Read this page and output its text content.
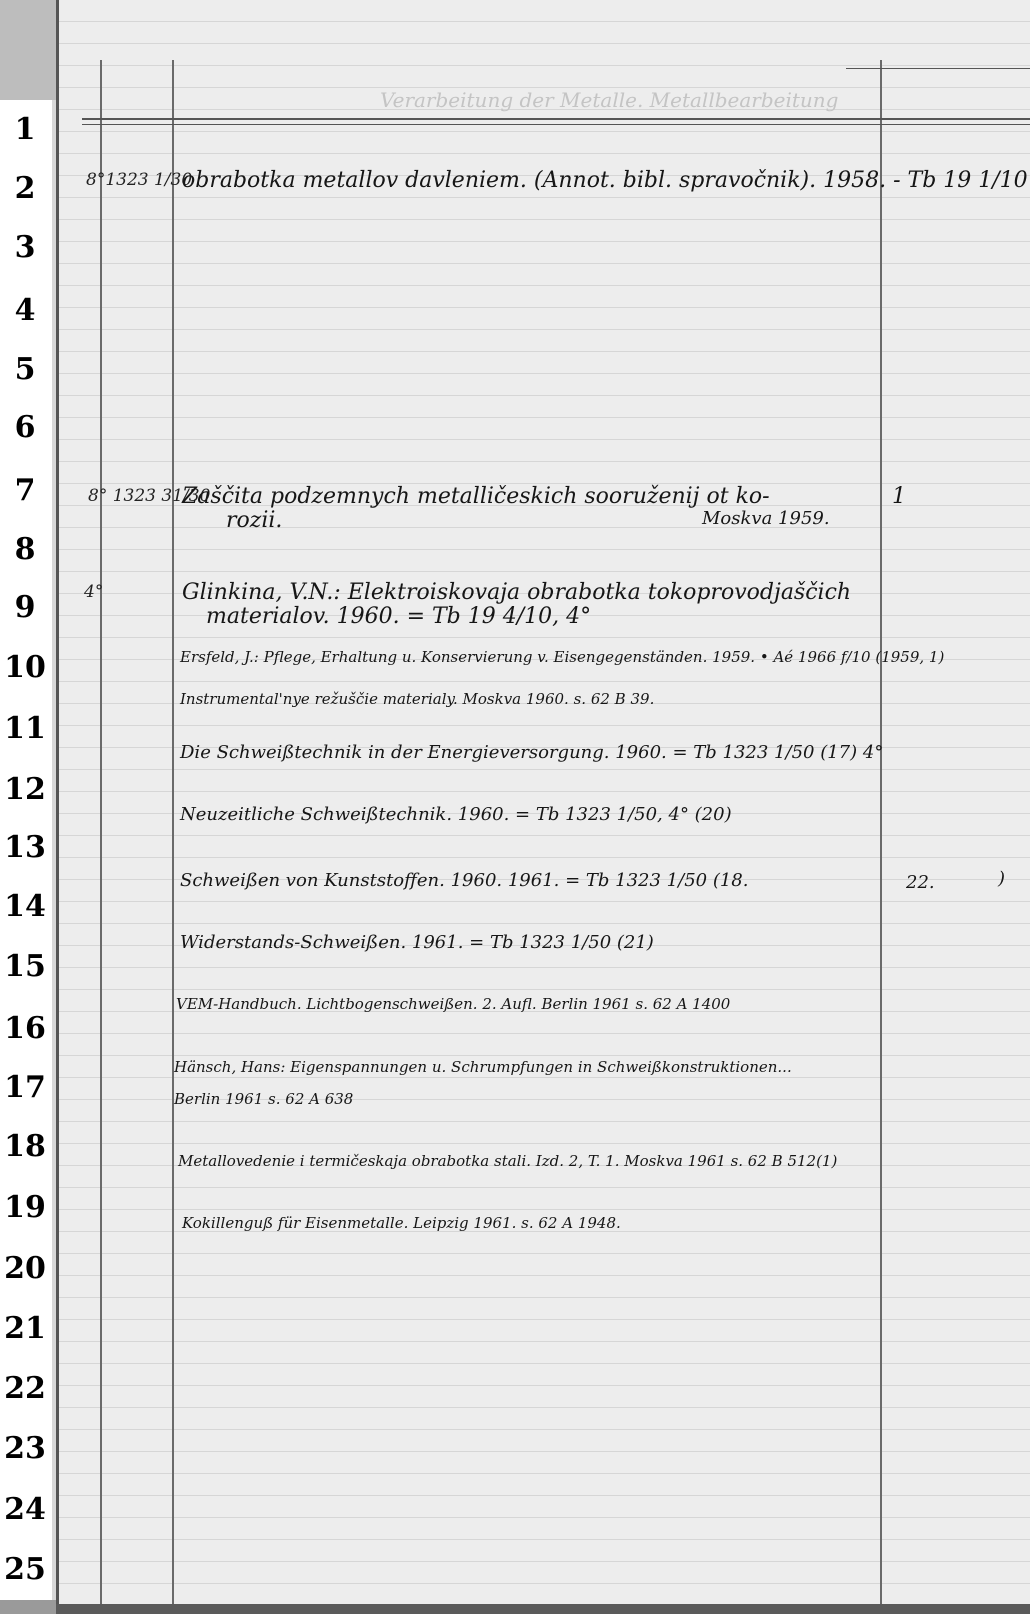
1
2
3
4
5
6
7
8
9
10
11
12
13
14
15
16
17
18
19
20
21
22
23
24
25
Verarbeitung der Metalle. Metallbearbeitung
8°1323 1/30
obrabotka metallov davleniem. (Annot. bibl. spravočnik). 1958. - Tb 19 1/10
8° 1323 31/30
Zaščita podzemnych metalličeskich sooruženij ot ko-
rozii.	Moskva 1959.
1
4°	Glinkina, V.N.: Elektroiskovaja obrabotka tokoprovodjaščich
materialov. 1960. = Tb 19 4/10, 4°
Ersfeld, J.: Pflege, Erhaltung u. Konservierung v. Eisengegenständen. 1959. • Aé 1966 f/10 (1959, 1)
Instrumental'nye režuščie materialy. Moskva 1960. s. 62 B 39.
Die Schweißtechnik in der Energieversorgung. 1960. = Tb 1323 1/50 (17) 4°
Neuzeitliche Schweißtechnik. 1960. = Tb 1323 1/50, 4° (20)
Schweißen von Kunststoffen. 1960. 1961. = Tb 1323 1/50 (18.	22.	)
Widerstands-Schweißen. 1961. = Tb 1323 1/50 (21)
VEM-Handbuch. Lichtbogenschweißen. 2. Aufl. Berlin 1961 s. 62 A 1400
Hänsch, Hans: Eigenspannungen u. Schrumpfungen in Schweißkonstruktionen...
Berlin 1961 s. 62 A 638
Metallovedenie i termičeskaja obrabotka stali. Izd. 2, T. 1. Moskva 1961 s. 62 B 512(1)
Kokillenguß für Eisenmetalle. Leipzig 1961. s. 62 A 1948.
